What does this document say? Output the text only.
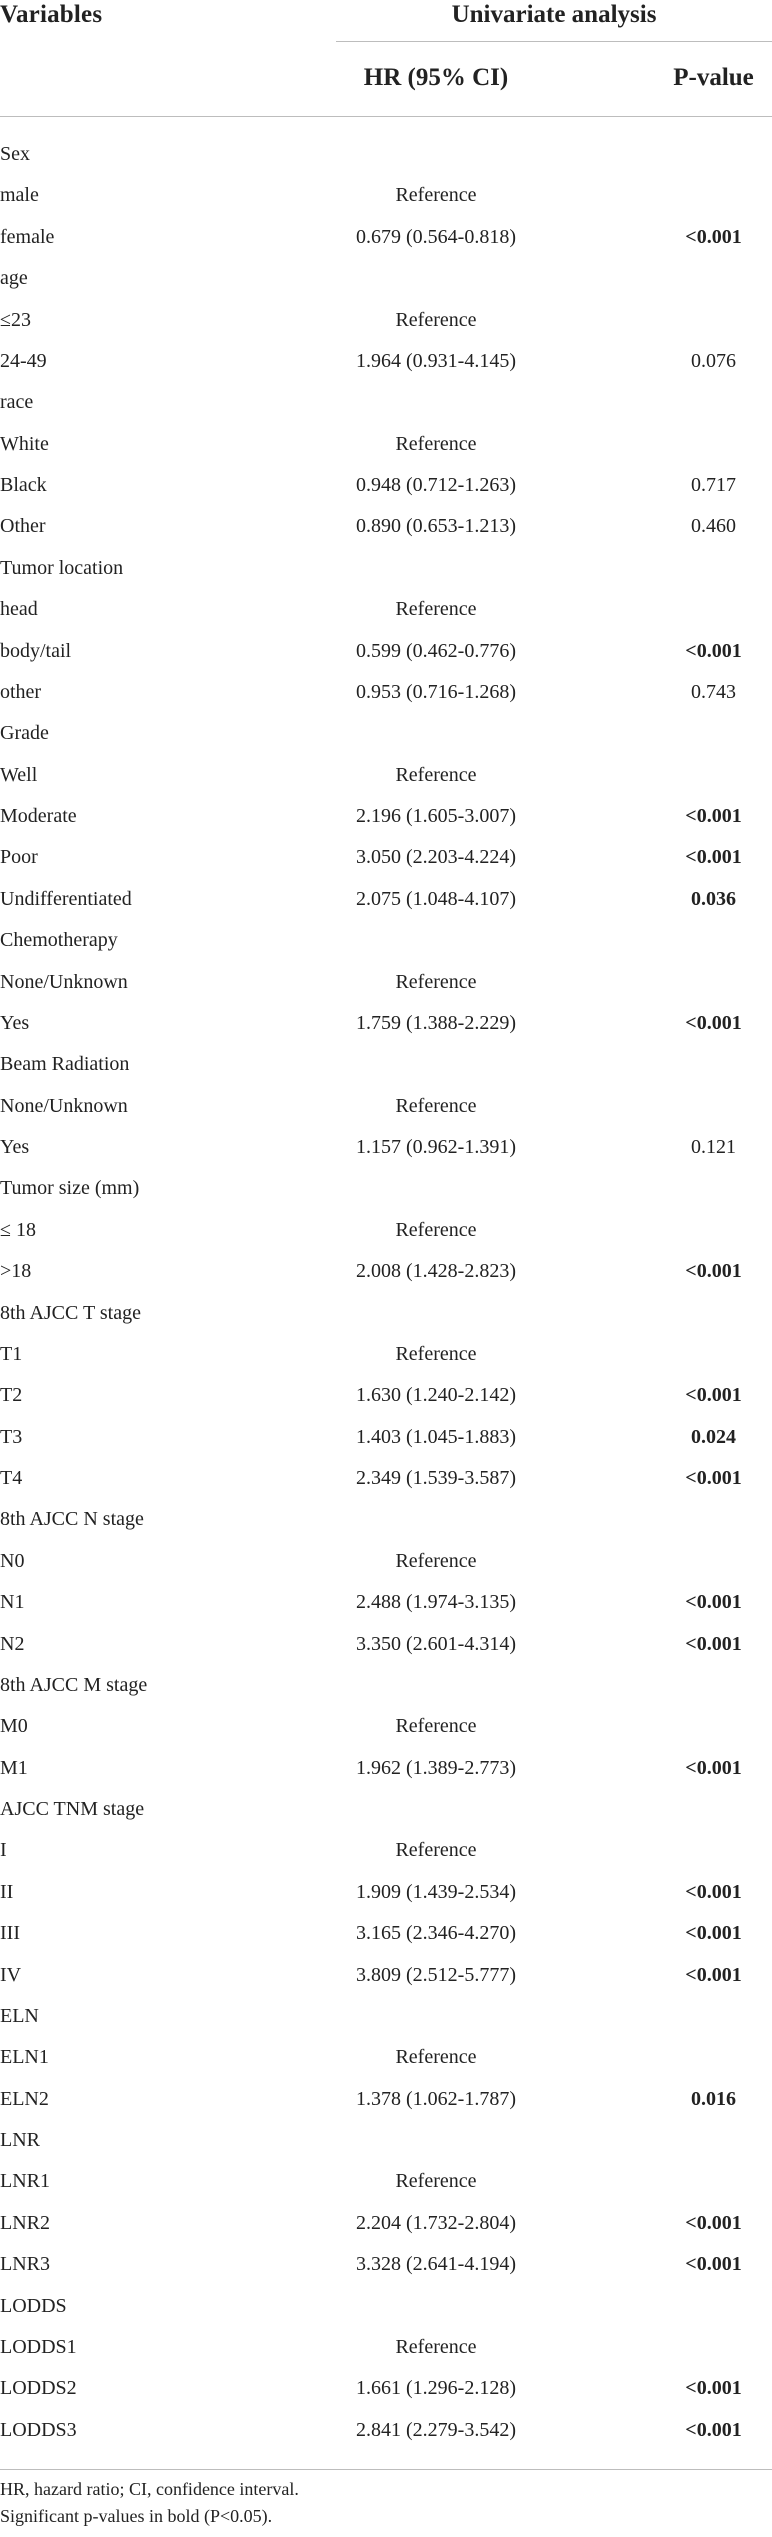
Variables	Univariate analysis
HR (95% CI)	P-value
Sex
male	Reference
female	0.679 (0.564-0.818)	<0.001
age
≤23	Reference
24-49	1.964 (0.931-4.145)	0.076
race
White	Reference
Black	0.948 (0.712-1.263)	0.717
Other	0.890 (0.653-1.213)	0.460
Tumor location
head	Reference
body/tail	0.599 (0.462-0.776)	<0.001
other	0.953 (0.716-1.268)	0.743
Grade
Well	Reference
Moderate	2.196 (1.605-3.007)	<0.001
Poor	3.050 (2.203-4.224)	<0.001
Undifferentiated	2.075 (1.048-4.107)	0.036
Chemotherapy
None/Unknown	Reference
Yes	1.759 (1.388-2.229)	<0.001
Beam Radiation
None/Unknown	Reference
Yes	1.157 (0.962-1.391)	0.121
Tumor size (mm)
≤ 18	Reference
>18	2.008 (1.428-2.823)	<0.001
8th AJCC T stage
T1	Reference
T2	1.630 (1.240-2.142)	<0.001
T3	1.403 (1.045-1.883)	0.024
T4	2.349 (1.539-3.587)	<0.001
8th AJCC N stage
N0	Reference
N1	2.488 (1.974-3.135)	<0.001
N2	3.350 (2.601-4.314)	<0.001
8th AJCC M stage
M0	Reference
M1	1.962 (1.389-2.773)	<0.001
AJCC TNM stage
I	Reference
II	1.909 (1.439-2.534)	<0.001
III	3.165 (2.346-4.270)	<0.001
IV	3.809 (2.512-5.777)	<0.001
ELN
ELN1	Reference
ELN2	1.378 (1.062-1.787)	0.016
LNR
LNR1	Reference
LNR2	2.204 (1.732-2.804)	<0.001
LNR3	3.328 (2.641-4.194)	<0.001
LODDS
LODDS1	Reference
LODDS2	1.661 (1.296-2.128)	<0.001
LODDS3	2.841 (2.279-3.542)	<0.001
HR, hazard ratio; CI, confidence interval.
Significant p-values in bold (P<0.05).
